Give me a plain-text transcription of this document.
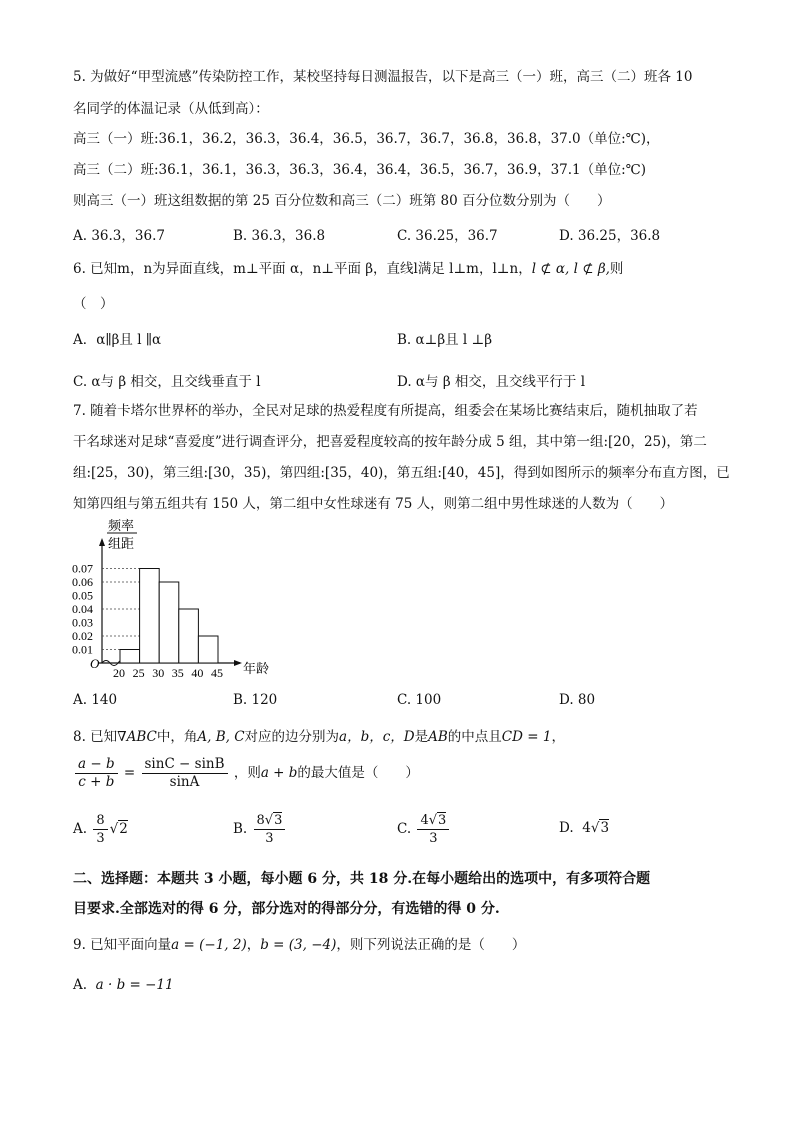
5. 为做好“甲型流感”传染防控工作，某校坚持每日测温报告，以下是高三（一）班，高三（二）班各 10
名同学的体温记录（从低到高）：
高三（一）班:36.1，36.2，36.3，36.4，36.5，36.7，36.7，36.8，36.8，37.0（单位:℃)，
高三（二）班:36.1，36.1，36.3，36.3，36.4，36.4，36.5，36.7，36.9，37.1（单位:℃)
则高三（一）班这组数据的第 25 百分位数和高三（二）班第 80 百分位数分别为（　　）
A. 36.3，36.7	B. 36.3，36.8	C. 36.25，36.7	D. 36.25，36.8
6. 已知m，n为异面直线，m⊥平面 α，n⊥平面 β，直线l满足 l⊥m，l⊥n，l ⊄ α, l ⊄ β,则
（　）
A．α∥β且 l ∥α	B. α⊥β且 l ⊥β
C. α与 β 相交，且交线垂直于 l	D. α与 β 相交，且交线平行于 l
7. 随着卡塔尔世界杯的举办，全民对足球的热爱程度有所提高，组委会在某场比赛结束后，随机抽取了若
干名球迷对足球“喜爱度”进行调查评分，把喜爱程度较高的按年龄分成 5 组，其中第一组:[20，25)，第二
组:[25，30)，第三组:[30，35)，第四组:[35，40)，第五组:[40，45]，得到如图所示的频率分布直方图，已
知第四组与第五组共有 150 人，第二组中女性球迷有 75 人，则第二组中男性球迷的人数为（　　）
频率
组距
O	年龄
0.01
0.02
0.03
0.04
0.05
0.06
0.07
20 25 30 35 40 45
A. 140	B. 120	C. 100	D. 80
8. 已知∇ABC中，角A, B, C对应的边分别为a，b，c，D是AB的中点且CD = 1，
$\frac{a - b}{c + b} = \frac{\sin C - \sin B}{\sin A}$ ，则a + b的最大值是（　　）
A. $\frac{8}{3} √2$	B. $\frac{8√3}{3}$	C. $\frac{4√3}{3}$	D. 4√3
二、选择题：本题共 3 小题，每小题 6 分，共 18 分.在每小题给出的选项中，有多项符合题
目要求.全部选对的得 6 分，部分选对的得部分分，有选错的得 0 分.
9. 已知平面向量a = (−1, 2)，b = (3, −4)，则下列说法正确的是（　　）
A. a · b = −11
